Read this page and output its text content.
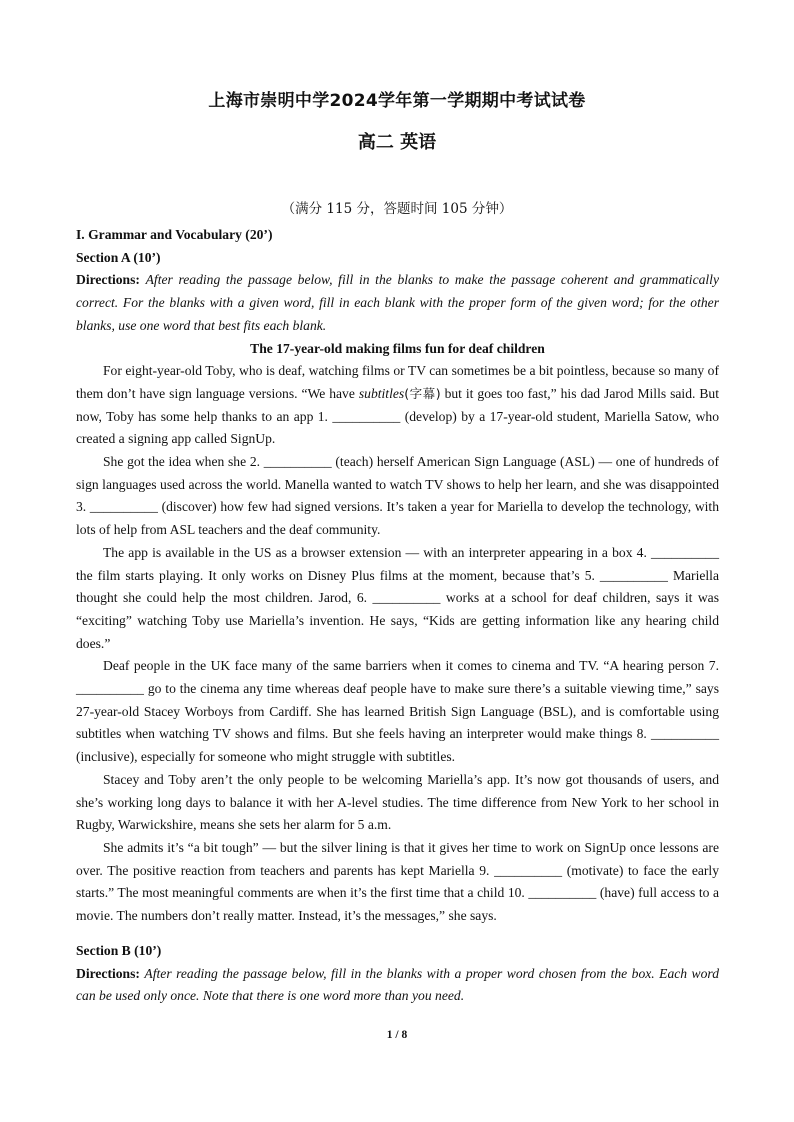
上海市崇明中学2024学年第一学期期中考试试卷
高二 英语
（满分 115 分，答题时间 105 分钟）

I. Grammar and Vocabulary (20’)

Section A (10’)

Directions: After reading the passage below, fill in the blanks to make the passage coherent and grammatically correct. For the blanks with a given word, fill in each blank with the proper form of the given word; for the other blanks, use one word that best fits each blank.

The 17-year-old making films fun for deaf children

For eight-year-old Toby, who is deaf, watching films or TV can sometimes be a bit pointless, because so many of them don’t have sign language versions. “We have subtitles(字幕) but it goes too fast,” his dad Jarod Mills said. But now, Toby has some help thanks to an app 1. __________ (develop) by a 17-year-old student, Mariella Satow, who created a signing app called SignUp.

She got the idea when she 2. __________ (teach) herself American Sign Language (ASL) — one of hundreds of sign languages used across the world. Manella wanted to watch TV shows to help her learn, and she was disappointed 3. __________ (discover) how few had signed versions. It’s taken a year for Mariella to develop the technology, with lots of help from ASL teachers and the deaf community.

The app is available in the US as a browser extension — with an interpreter appearing in a box 4. __________ the film starts playing. It only works on Disney Plus films at the moment, because that’s 5. __________ Mariella thought she could help the most children. Jarod, 6. __________ works at a school for deaf children, says it was “exciting” watching Toby use Mariella’s invention. He says, “Kids are getting information like any hearing child does.”

Deaf people in the UK face many of the same barriers when it comes to cinema and TV. “A hearing person 7. __________ go to the cinema any time whereas deaf people have to make sure there’s a suitable viewing time,” says 27-year-old Stacey Worboys from Cardiff. She has learned British Sign Language (BSL), and is comfortable using subtitles when watching TV shows and films. But she feels having an interpreter would make things 8. __________ (inclusive), especially for someone who might struggle with subtitles.

Stacey and Toby aren’t the only people to be welcoming Mariella’s app. It’s now got thousands of users, and she’s working long days to balance it with her A-level studies. The time difference from New York to her school in Rugby, Warwickshire, means she sets her alarm for 5 a.m.

She admits it’s “a bit tough” — but the silver lining is that it gives her time to work on SignUp once lessons are over. The positive reaction from teachers and parents has kept Mariella 9. __________ (motivate) to face the early starts.” The most meaningful comments are when it’s the first time that a child 10. __________ (have) full access to a movie. The numbers don’t really matter. Instead, it’s the messages,” she says.

Section B (10’)

Directions: After reading the passage below, fill in the blanks with a proper word chosen from the box. Each word can be used only once. Note that there is one word more than you need.

1 / 8
